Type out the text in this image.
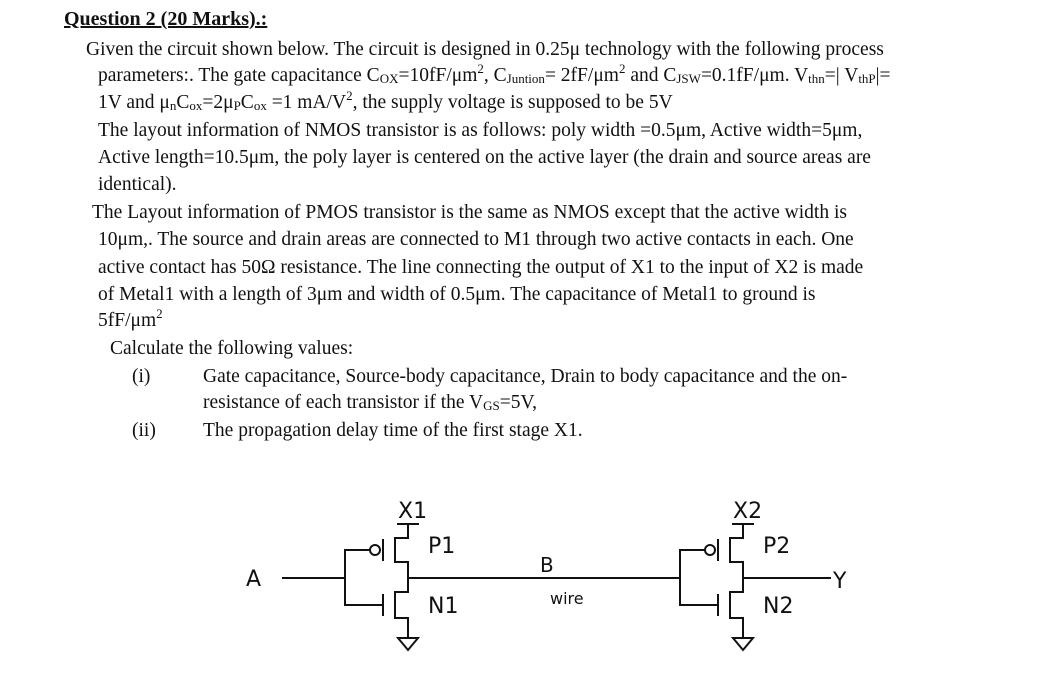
Question 2 (20 Marks).:
Given the circuit shown below. The circuit is designed in 0.25μ technology with the following process
parameters:. The gate capacitance $COX=10fF/\mu m^2$, CJuntion= $2fF/\mu m^2$ and CJSW=0.1fF/μm. Vthn=| VthP|=
1V and μnCox=2μPCox =1 $mA/V^2$, the supply voltage is supposed to be 5V
The layout information of NMOS transistor is as follows: poly width =0.5μm, Active width=5μm,
Active length=10.5μm, the poly layer is centered on the active layer (the drain and source areas are
identical).
The Layout information of PMOS transistor is the same as NMOS except that the active width is
10μm,. The source and drain areas are connected to M1 through two active contacts in each. One
active contact has 50Ω resistance. The line connecting the output of X1 to the input of X2 is made
of Metal1 with a length of 3μm and width of 0.5μm. The capacitance of Metal1 to ground is
$5fF/\mu m^2$
Calculate the following values:
(i)	Gate capacitance, Source-body capacitance, Drain to body capacitance and the on-
resistance of each transistor if the VGS=5V,
(ii) The propagation delay time of the first stage X1.
X1
P1
N1
A
B
wire
X2
P2
N2
Y
